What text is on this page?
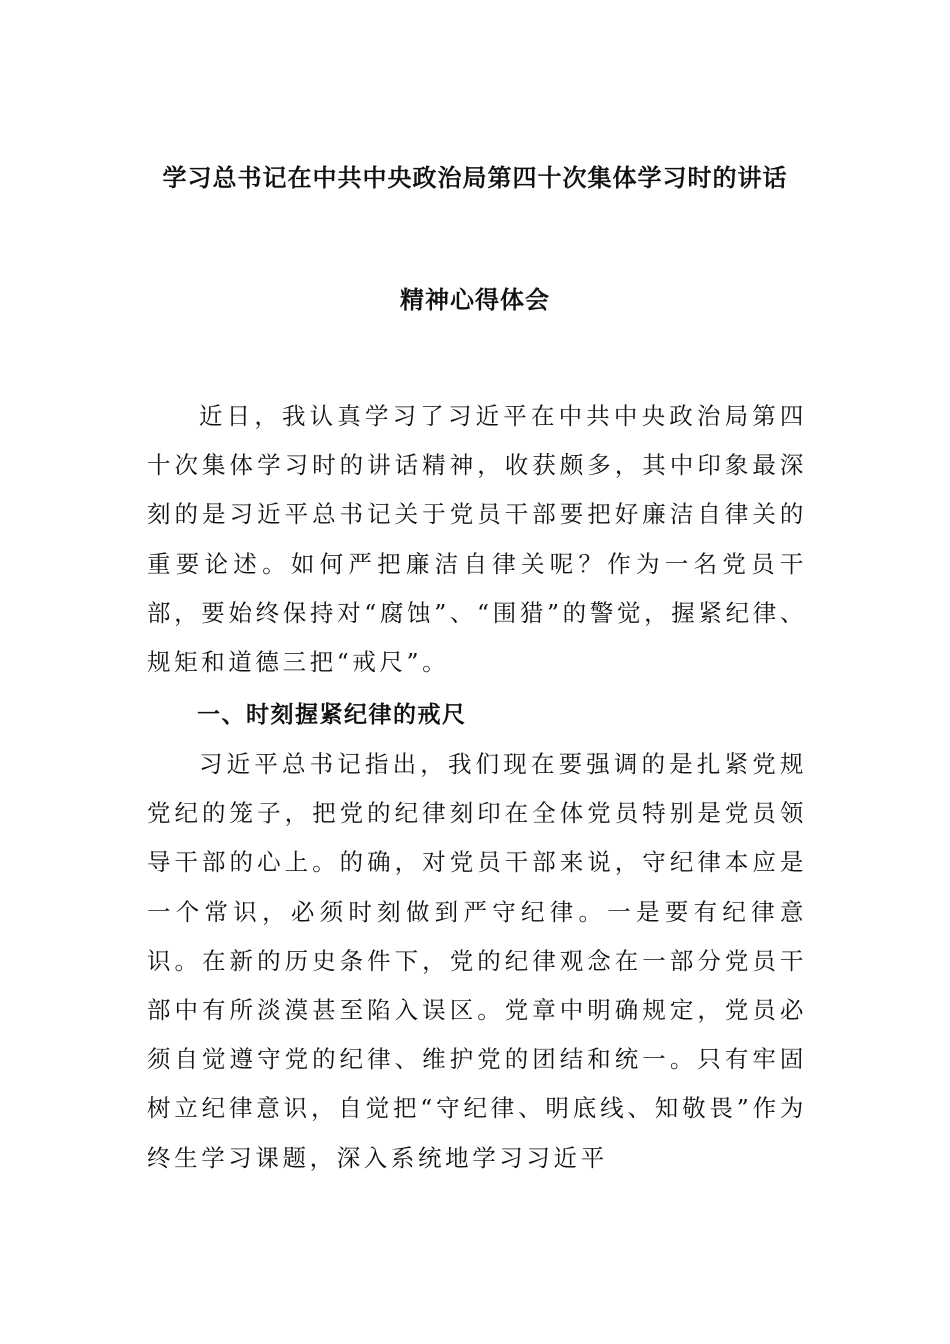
学习总书记在中共中央政治局第四十次集体学习时的讲话
精神心得体会
近日，我认真学习了习近平在中共中央政治局第四十次集体学习时的讲话精神，收获颇多，其中印象最深刻的是习近平总书记关于党员干部要把好廉洁自律关的重要论述。如何严把廉洁自律关呢？作为一名党员干部，要始终保持对“腐蚀”、“围猎”的警觉，握紧纪律、规矩和道德三把“戒尺”。
一、时刻握紧纪律的戒尺
习近平总书记指出，我们现在要强调的是扎紧党规党纪的笼子，把党的纪律刻印在全体党员特别是党员领导干部的心上。的确，对党员干部来说，守纪律本应是一个常识，必须时刻做到严守纪律。一是要有纪律意识。在新的历史条件下，党的纪律观念在一部分党员干部中有所淡漠甚至陷入误区。党章中明确规定，党员必须自觉遵守党的纪律、维护党的团结和统一。只有牢固树立纪律意识，自觉把“守纪律、明底线、知敬畏”作为终生学习课题，深入系统地学习习近平
